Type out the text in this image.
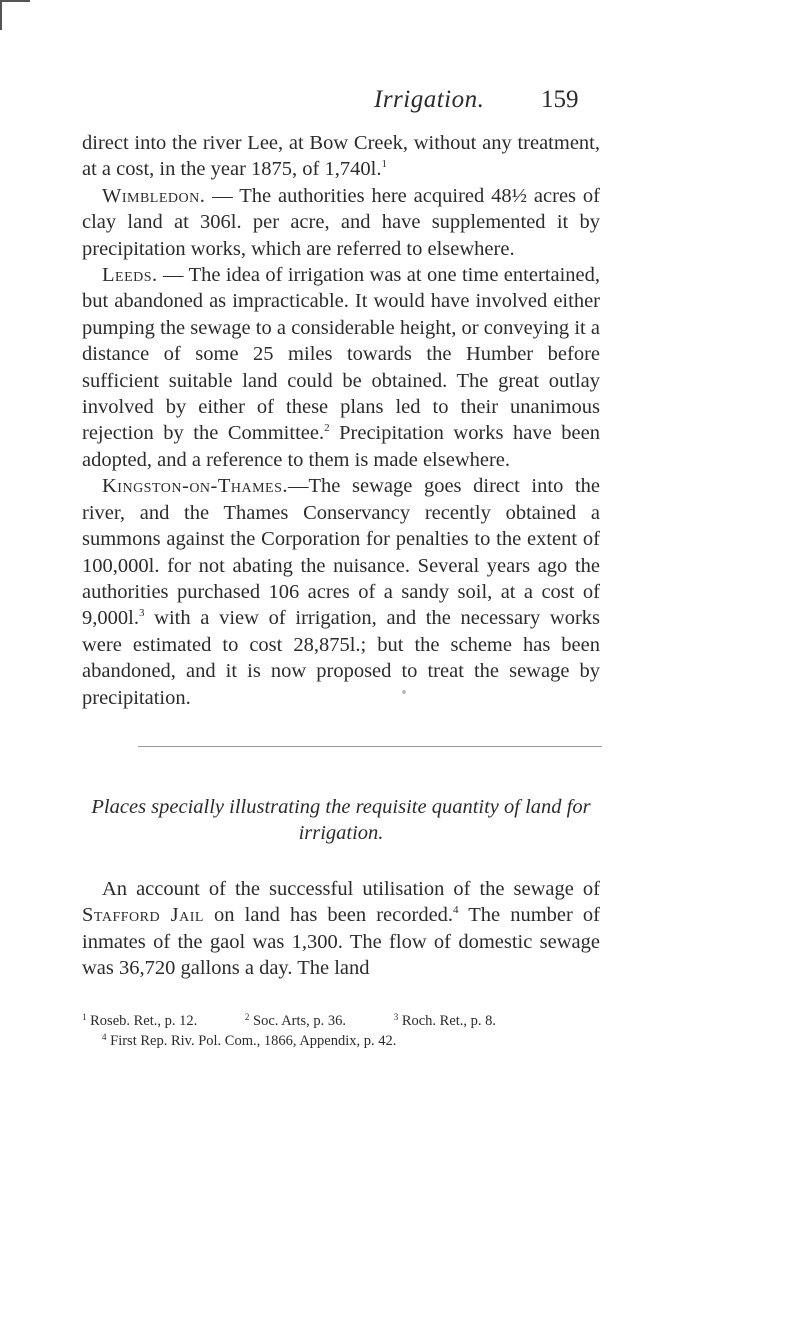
Irrigation. 159

direct into the river Lee, at Bow Creek, without any treatment, at a cost, in the year 1875, of 1,740l.$^1$

Wimbledon. — The authorities here acquired 48½ acres of clay land at 306l. per acre, and have supplemented it by precipitation works, which are referred to elsewhere.

Leeds. — The idea of irrigation was at one time entertained, but abandoned as impracticable. It would have involved either pumping the sewage to a considerable height, or conveying it a distance of some 25 miles towards the Humber before sufficient suitable land could be obtained. The great outlay involved by either of these plans led to their unanimous rejection by the Committee.$^2$ Precipitation works have been adopted, and a reference to them is made elsewhere.

Kingston-on-Thames.—The sewage goes direct into the river, and the Thames Conservancy recently obtained a summons against the Corporation for penalties to the extent of 100,000l. for not abating the nuisance. Several years ago the authorities purchased 106 acres of a sandy soil, at a cost of 9,000l.$^3$ with a view of irrigation, and the necessary works were estimated to cost 28,875l.; but the scheme has been abandoned, and it is now proposed to treat the sewage by precipitation.

Places specially illustrating the requisite quantity of land for irrigation.

An account of the successful utilisation of the sewage of Stafford Jail on land has been recorded.$^4$ The number of inmates of the gaol was 1,300. The flow of domestic sewage was 36,720 gallons a day. The land

$^1$ Roseb. Ret., p. 12.	$^2$ Soc. Arts, p. 36.	$^3$ Roch. Ret., p. 8.
$^4$ First Rep. Riv. Pol. Com., 1866, Appendix, p. 42.
